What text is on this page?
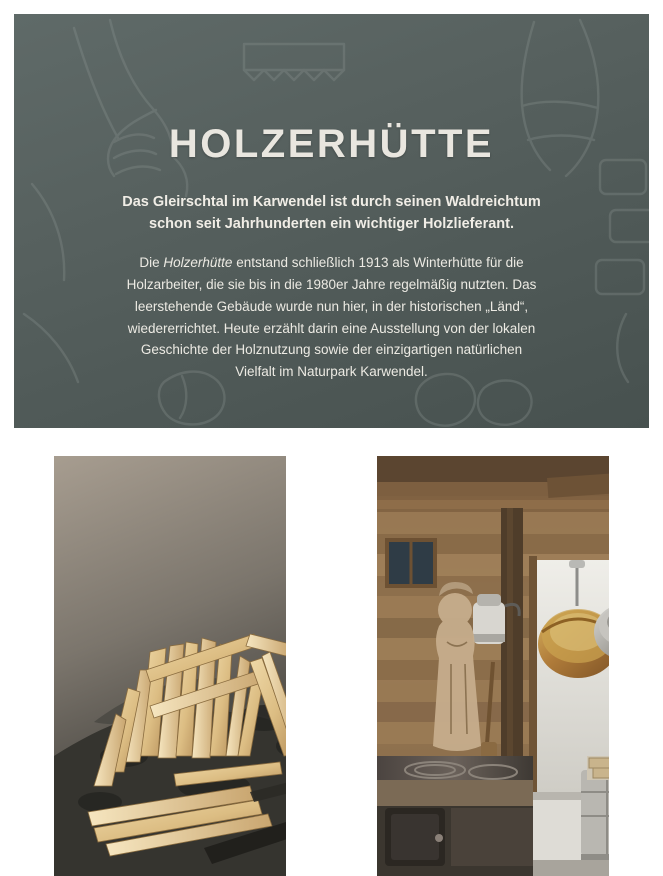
HOLZERHÜTTE

Das Gleirschtal im Karwendel ist durch seinen Waldreichtum schon seit Jahrhunderten ein wichtiger Holzlieferant.

Die Holzerhütte entstand schließlich 1913 als Winterhütte für die Holzarbeiter, die sie bis in die 1980er Jahre regelmäßig nutzten. Das leerstehende Gebäude wurde nun hier, in der historischen „Länd“, wiedererrichtet. Heute erzählt darin eine Ausstellung von der lokalen Geschichte der Holznutzung sowie der einzigartigen natürlichen Vielfalt im Naturpark Karwendel.
